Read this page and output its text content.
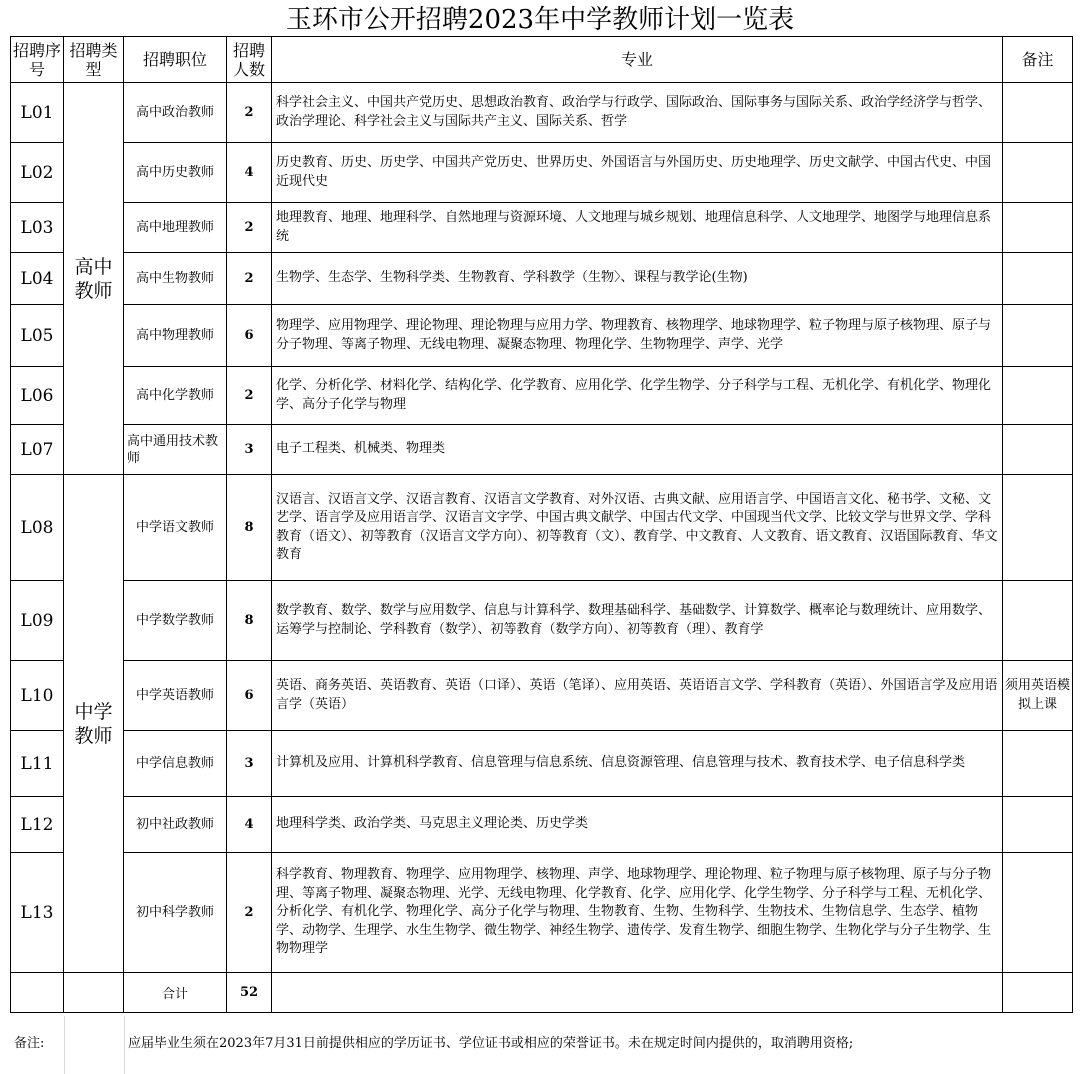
玉环市公开招聘2023年中学教师计划一览表
招聘序号	招聘类型	招聘职位	招聘人数	专业	备注
L01	高中教师	高中政治教师	2	科学社会主义、中国共产党历史、思想政治教育、政治学与行政学、国际政治、国际事务与国际关系、政治学经济学与哲学、政治学理论、科学社会主义与国际共产主义、国际关系、哲学	
L02		高中历史教师	4	历史教育、历史、历史学、中国共产党历史、世界历史、外国语言与外国历史、历史地理学、历史文献学、中国古代史、中国近现代史	
L03		高中地理教师	2	地理教育、地理、地理科学、自然地理与资源环境、人文地理与城乡规划、地理信息科学、人文地理学、地图学与地理信息系统	
L04		高中生物教师	2	生物学、生态学、生物科学类、生物教育、学科教学（生物〉、课程与教学论(生物)	
L05		高中物理教师	6	物理学、应用物理学、理论物理、理论物理与应用力学、物理教育、核物理学、地球物理学、粒子物理与原子核物理、原子与分子物理、等离子物理、无线电物理、凝聚态物理、物理化学、生物物理学、声学、光学	
L06		高中化学教师	2	化学、分析化学、材料化学、结构化学、化学教育、应用化学、化学生物学、分子科学与工程、无机化学、有机化学、物理化学、高分子化学与物理	
L07		高中通用技术教师	3	电子工程类、机械类、物理类	
L08	中学教师	中学语文教师	8	汉语言、汉语言文学、汉语言教育、汉语言文学教育、对外汉语、古典文献、应用语言学、中国语言文化、秘书学、文秘、文艺学、语言学及应用语言学、汉语言文字学、中国古典文献学、中国古代文学、中国现当代文学、比较文学与世界文学、学科教育（语文）、初等教育（汉语言文学方向）、初等教育（文）、教育学、中文教育、人文教育、语文教育、汉语国际教育、华文教育	
L09		中学数学教师	8	数学教育、数学、数学与应用数学、信息与计算科学、数理基础科学、基础数学、计算数学、概率论与数理统计、应用数学、运筹学与控制论、学科教育（数学）、初等教育（数学方向）、初等教育（理）、教育学	
L10		中学英语教师	6	英语、商务英语、英语教育、英语（口译）、英语（笔译）、应用英语、英语语言文学、学科教育（英语）、外国语言学及应用语言学（英语）	须用英语模拟上课
L11		中学信息教师	3	计算机及应用、计算机科学教育、信息管理与信息系统、信息资源管理、信息管理与技术、教育技术学、电子信息科学类	
L12		初中社政教师	4	地理科学类、政治学类、马克思主义理论类、历史学类	
L13		初中科学教师	2	科学教育、物理教育、物理学、应用物理学、核物理、声学、地球物理学、理论物理、粒子物理与原子核物理、原子与分子物理、等离子物理、凝聚态物理、光学、无线电物理、化学教育、化学、应用化学、化学生物学、分子科学与工程、无机化学、分析化学、有机化学、物理化学、高分子化学与物理、生物教育、生物、生物科学、生物技术、生物信息学、生态学、植物学、动物学、生理学、水生生物学、微生物学、神经生物学、遗传学、发育生物学、细胞生物学、生物化学与分子生物学、生物物理学	
		合计	52		
备注:	应届毕业生须在2023年7月31日前提供相应的学历证书、学位证书或相应的荣誉证书。未在规定时间内提供的，取消聘用资格;
